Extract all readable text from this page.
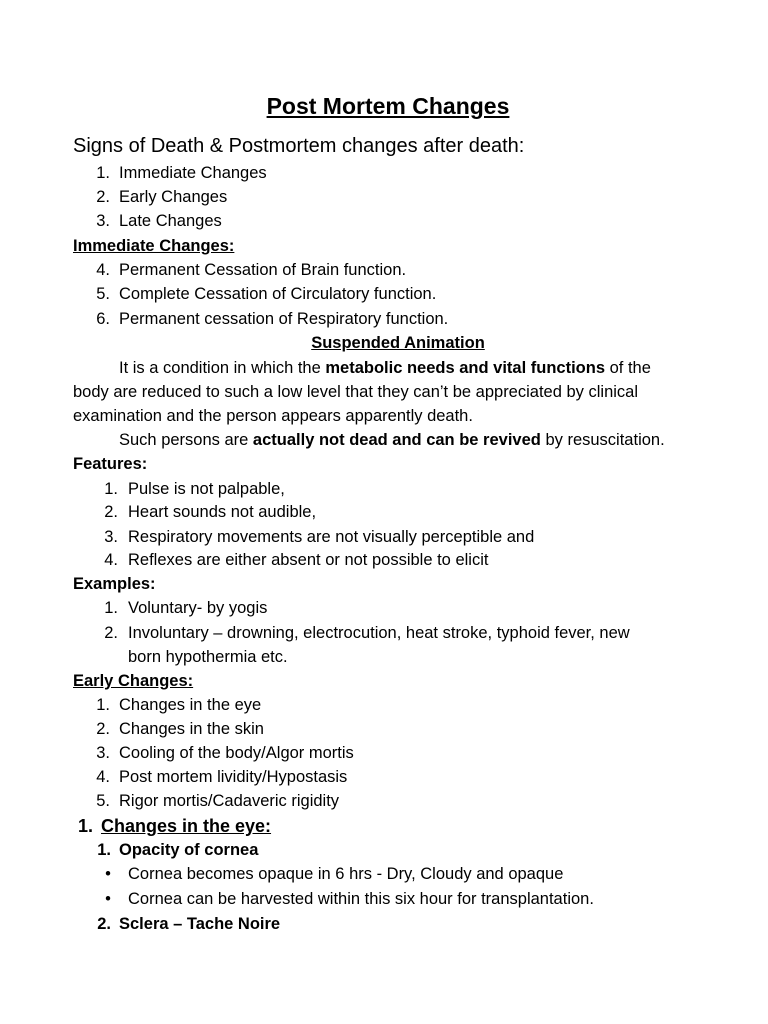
Post Mortem Changes
Signs of Death & Postmortem changes after death:
1. Immediate Changes
2. Early Changes
3. Late Changes
Immediate Changes:
4. Permanent Cessation of Brain function.
5. Complete Cessation of Circulatory function.
6. Permanent cessation of Respiratory function.
Suspended Animation
It is a condition in which the metabolic needs and vital functions of the
body are reduced to such a low level that they can’t be appreciated by clinical
examination and the person appears apparently death.
Such persons are actually not dead and can be revived by resuscitation.
Features:
1. Pulse is not palpable,
2. Heart sounds not audible,
3. Respiratory movements are not visually perceptible and
4. Reflexes are either absent or not possible to elicit
Examples:
1. Voluntary- by yogis
2. Involuntary – drowning, electrocution, heat stroke, typhoid fever, new
born hypothermia etc.
Early Changes:
1. Changes in the eye
2. Changes in the skin
3. Cooling of the body/Algor mortis
4. Post mortem lividity/Hypostasis
5. Rigor mortis/Cadaveric rigidity
1. Changes in the eye:
1. Opacity of cornea
• Cornea becomes opaque in 6 hrs - Dry, Cloudy and opaque
• Cornea can be harvested within this six hour for transplantation.
2. Sclera – Tache Noire
